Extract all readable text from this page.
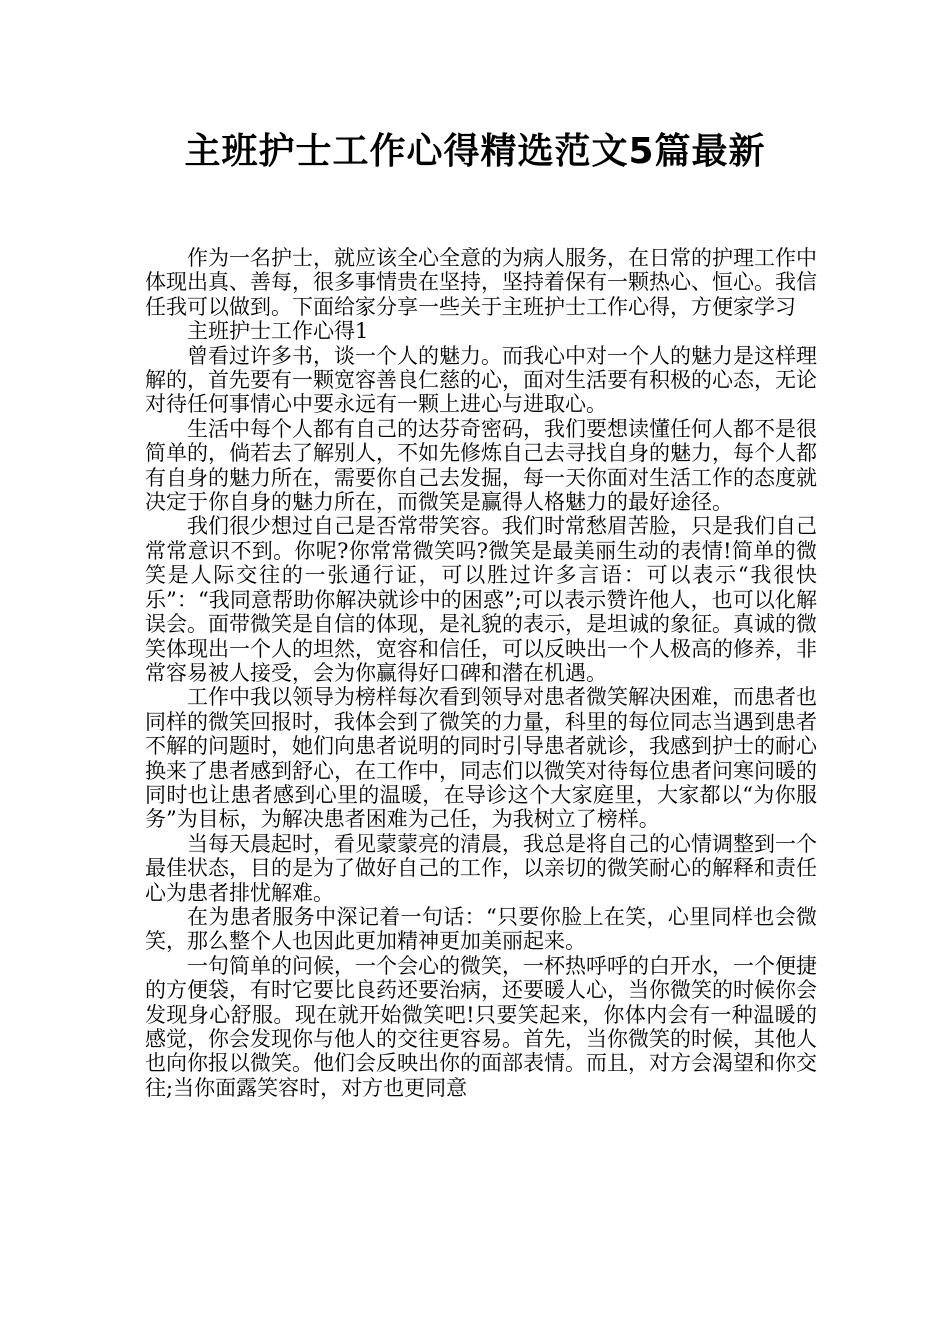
主班护士工作心得精选范文5篇最新

作为一名护士，就应该全心全意的为病人服务，在日常的护理工作中体现出真、善每，很多事情贵在坚持，坚持着保有一颗热心、恒心。我信任我可以做到。下面给家分享一些关于主班护士工作心得，方便家学习

主班护士工作心得1

曾看过许多书，谈一个人的魅力。而我心中对一个人的魅力是这样理解的，首先要有一颗宽容善良仁慈的心，面对生活要有积极的心态，无论对待任何事情心中要永远有一颗上进心与进取心。

生活中每个人都有自己的达芬奇密码，我们要想读懂任何人都不是很简单的，倘若去了解别人，不如先修炼自己去寻找自身的魅力，每个人都有自身的魅力所在，需要你自己去发掘，每一天你面对生活工作的态度就决定于你自身的魅力所在，而微笑是赢得人格魅力的最好途径。

我们很少想过自己是否常带笑容。我们时常愁眉苦脸，只是我们自己常常意识不到。你呢?你常常微笑吗?微笑是最美丽生动的表情!简单的微笑是人际交往的一张通行证，可以胜过许多言语：可以表示“我很快乐”：“我同意帮助你解决就诊中的困惑”;可以表示赞许他人，也可以化解误会。面带微笑是自信的体现，是礼貌的表示，是坦诚的象征。真诚的微笑体现出一个人的坦然，宽容和信任，可以反映出一个人极高的修养，非常容易被人接受，会为你赢得好口碑和潜在机遇。

工作中我以领导为榜样每次看到领导对患者微笑解决困难，而患者也同样的微笑回报时，我体会到了微笑的力量，科里的每位同志当遇到患者不解的问题时，她们向患者说明的同时引导患者就诊，我感到护士的耐心换来了患者感到舒心，在工作中，同志们以微笑对待每位患者问寒问暖的同时也让患者感到心里的温暖，在导诊这个大家庭里，大家都以“为你服务”为目标，为解决患者困难为己任，为我树立了榜样。

当每天晨起时，看见蒙蒙亮的清晨，我总是将自己的心情调整到一个最佳状态，目的是为了做好自己的工作，以亲切的微笑耐心的解释和责任心为患者排忧解难。

在为患者服务中深记着一句话：“只要你脸上在笑，心里同样也会微笑，那么整个人也因此更加精神更加美丽起来。

一句简单的问候，一个会心的微笑，一杯热呼呼的白开水，一个便捷的方便袋，有时它要比良药还要治病，还要暖人心，当你微笑的时候你会发现身心舒服。现在就开始微笑吧!只要笑起来，你体内会有一种温暖的感觉，你会发现你与他人的交往更容易。首先，当你微笑的时候，其他人也向你报以微笑。他们会反映出你的面部表情。而且，对方会渴望和你交往;当你面露笑容时，对方也更同意
